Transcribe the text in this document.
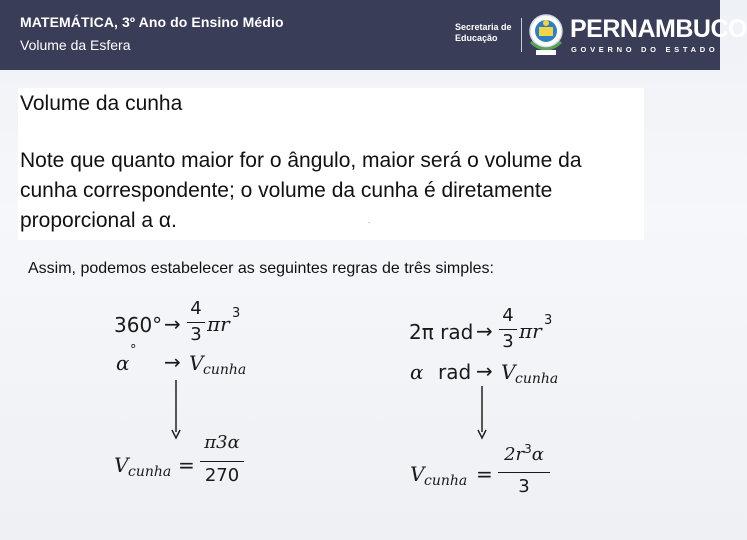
MATEMÁTICA, 3º Ano do Ensino Médio
Volume da Esfera
Secretaria de
Educação	PERNAMBUCO
GOVERNO DO ESTADO
Volume da cunha
Note que quanto maior for o ângulo, maior será o volume da cunha correspondente; o volume da cunha é diretamente proporcional a α.	.
Assim, podemos estabelecer as seguintes regras de três simples:
360° →
4
3 πr 3
α
° → V cunha
V cunha =
π3α
270
2π rad →
4
3 πr 3
α rad → V cunha
V cunha =
$2r^3\alpha$
3
